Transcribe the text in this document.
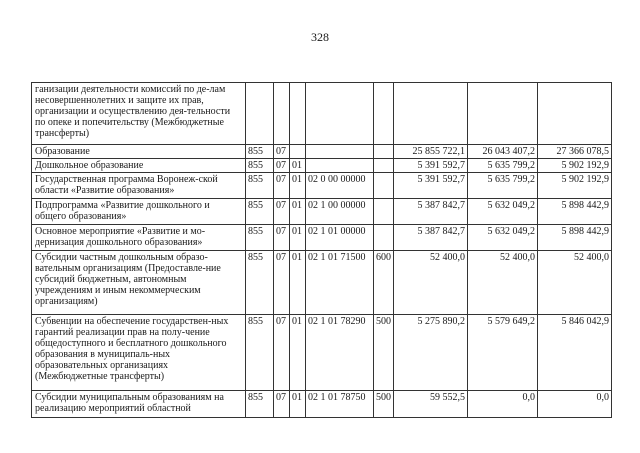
328
ганизации деятельности комиссий по де-лам несовершеннолетних и защите их прав, организации и осуществлению дея-тельности по опеке и попечительству (Межбюджетные трансферты)								
Образование	855	07				25 855 722,1	26 043 407,2	27 366 078,5
Дошкольное образование	855	07	01			5 391 592,7	5 635 799,2	5 902 192,9
Государственная программа Воронеж-ской области «Развитие образования»	855	07	01	02 0 00 00000		5 391 592,7	5 635 799,2	5 902 192,9
Подпрограмма «Развитие дошкольного и общего образования»	855	07	01	02 1 00 00000		5 387 842,7	5 632 049,2	5 898 442,9
Основное мероприятие «Развитие и мо-дернизация дошкольного образования»	855	07	01	02 1 01 00000		5 387 842,7	5 632 049,2	5 898 442,9
Субсидии частным дошкольным образо-вательным организациям (Предоставле-ние субсидий бюджетным, автономным учреждениям и иным некоммерческим организациям)	855	07	01	02 1 01 71500	600	52 400,0	52 400,0	52 400,0
Субвенции на обеспечение государствен-ных гарантий реализации прав на полу-чение общедоступного и бесплатного дошкольного образования в муниципаль-ных образовательных организациях (Межбюджетные трансферты)	855	07	01	02 1 01 78290	500	5 275 890,2	5 579 649,2	5 846 042,9
Субсидии муниципальным образованиям на реализацию мероприятий областной	855	07	01	02 1 01 78750	500	59 552,5	0,0	0,0
